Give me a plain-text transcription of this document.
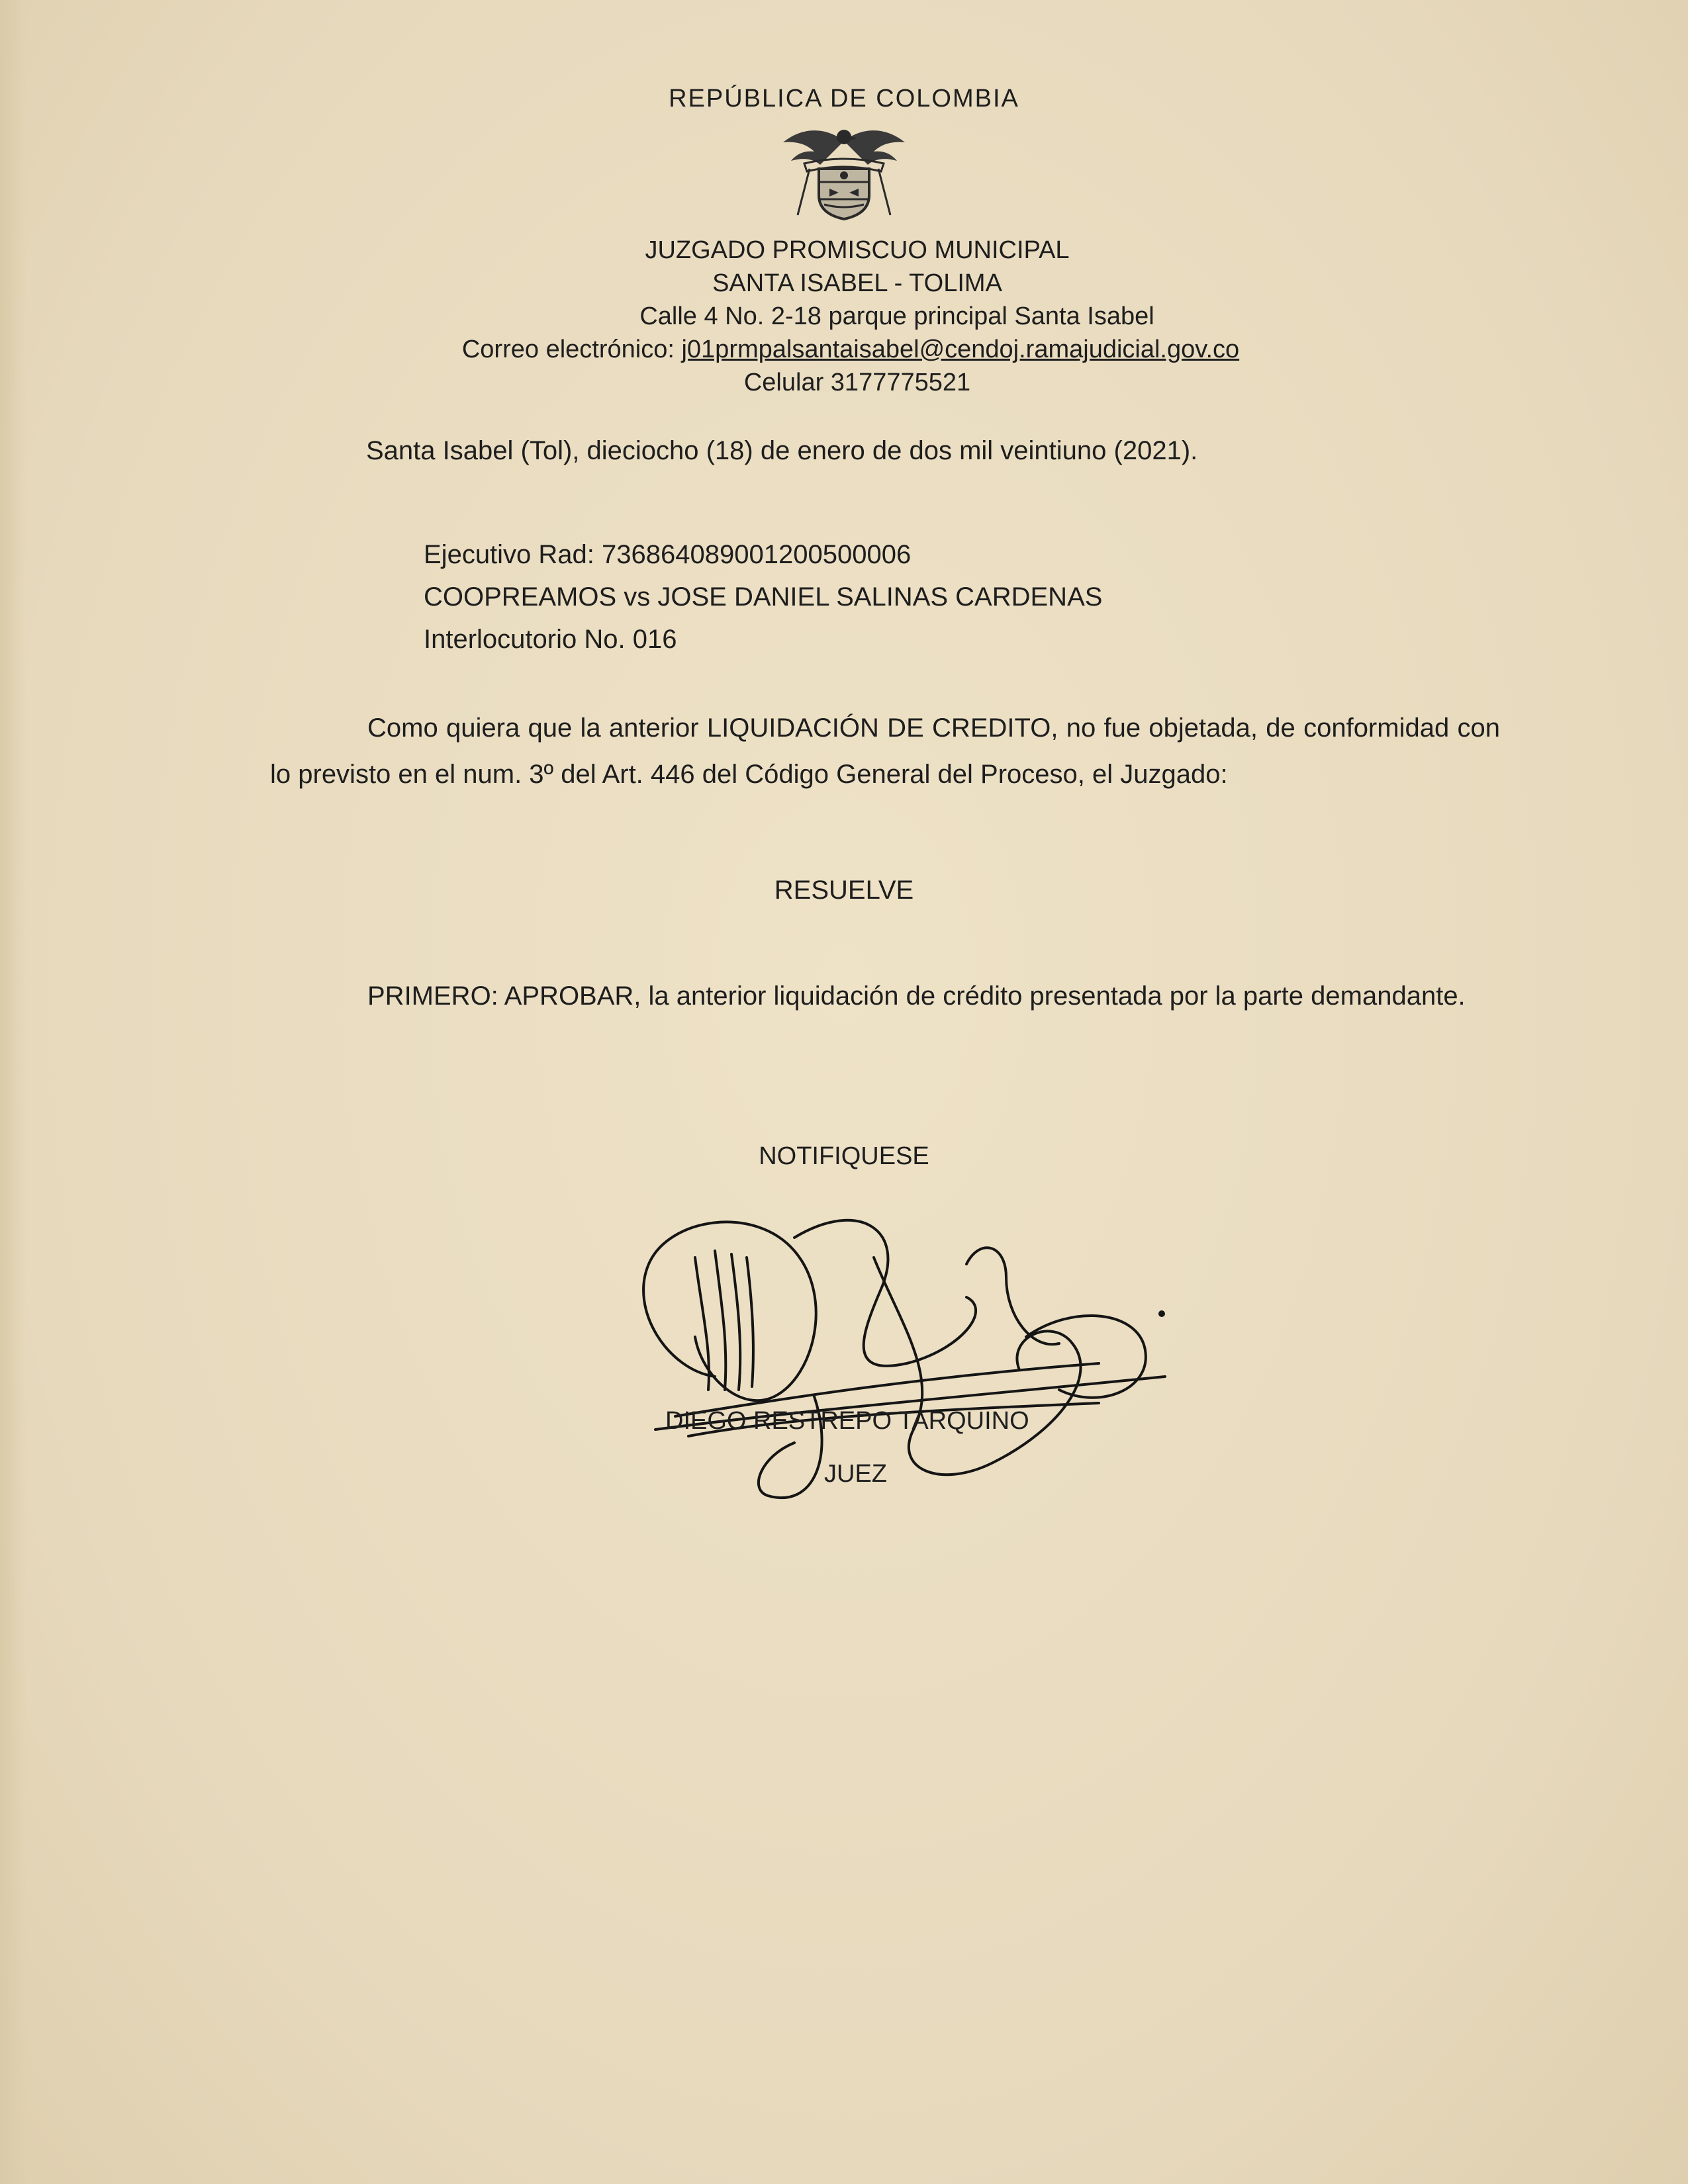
REPÚBLICA DE COLOMBIA
JUZGADO PROMISCUO MUNICIPAL
SANTA ISABEL - TOLIMA
Calle 4 No. 2-18 parque principal Santa Isabel
Correo electrónico: j01prmpalsantaisabel@cendoj.ramajudicial.gov.co
Celular 3177775521
Santa Isabel (Tol), dieciocho (18) de enero de dos mil veintiuno (2021).
Ejecutivo Rad: 736864089001200500006
COOPREAMOS vs JOSE DANIEL SALINAS CARDENAS
Interlocutorio No. 016
Como quiera que la anterior LIQUIDACIÓN DE CREDITO, no fue objetada, de conformidad con lo previsto en el num. 3º del Art. 446 del Código General del Proceso, el Juzgado:
RESUELVE
PRIMERO: APROBAR, la anterior liquidación de crédito presentada por la parte demandante.
NOTIFIQUESE
DIEGO RESTREPO TARQUINO
JUEZ
